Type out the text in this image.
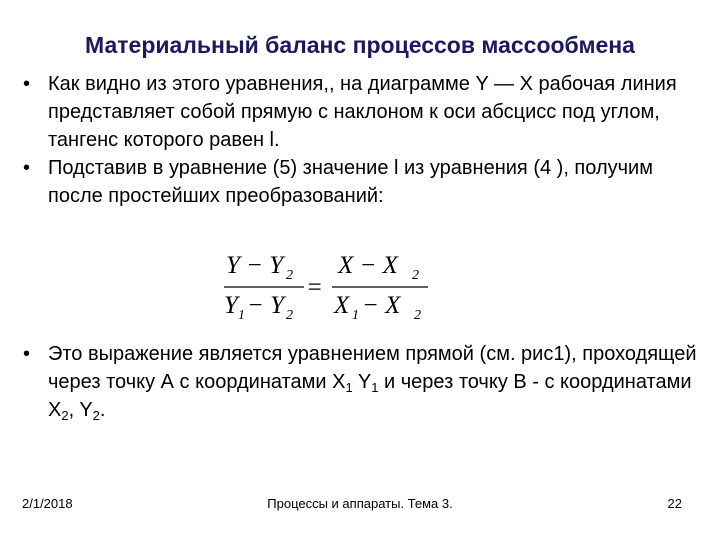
Материальный баланс процессов массообмена
• Как видно из этого уравнения,, на диаграмме Y — X рабочая линия представляет собой прямую с наклоном к оси абсцисс под углом, тангенс которого равен l.
• Подставив в уравнение (5) значение l из уравнения (4 ), получим после простейших преобразований:
Y − Y 2
Y 1 − Y 2
=
X − X 2
X 1 − X 2
• Это выражение является уравнением прямой (см. рис1), проходящей через точку А с координатами $X_1$ $Y_1$ и через точку В - с координатами $X_2$, $Y_2$.
2/1/2018	Процессы и аппараты. Тема 3.	22
